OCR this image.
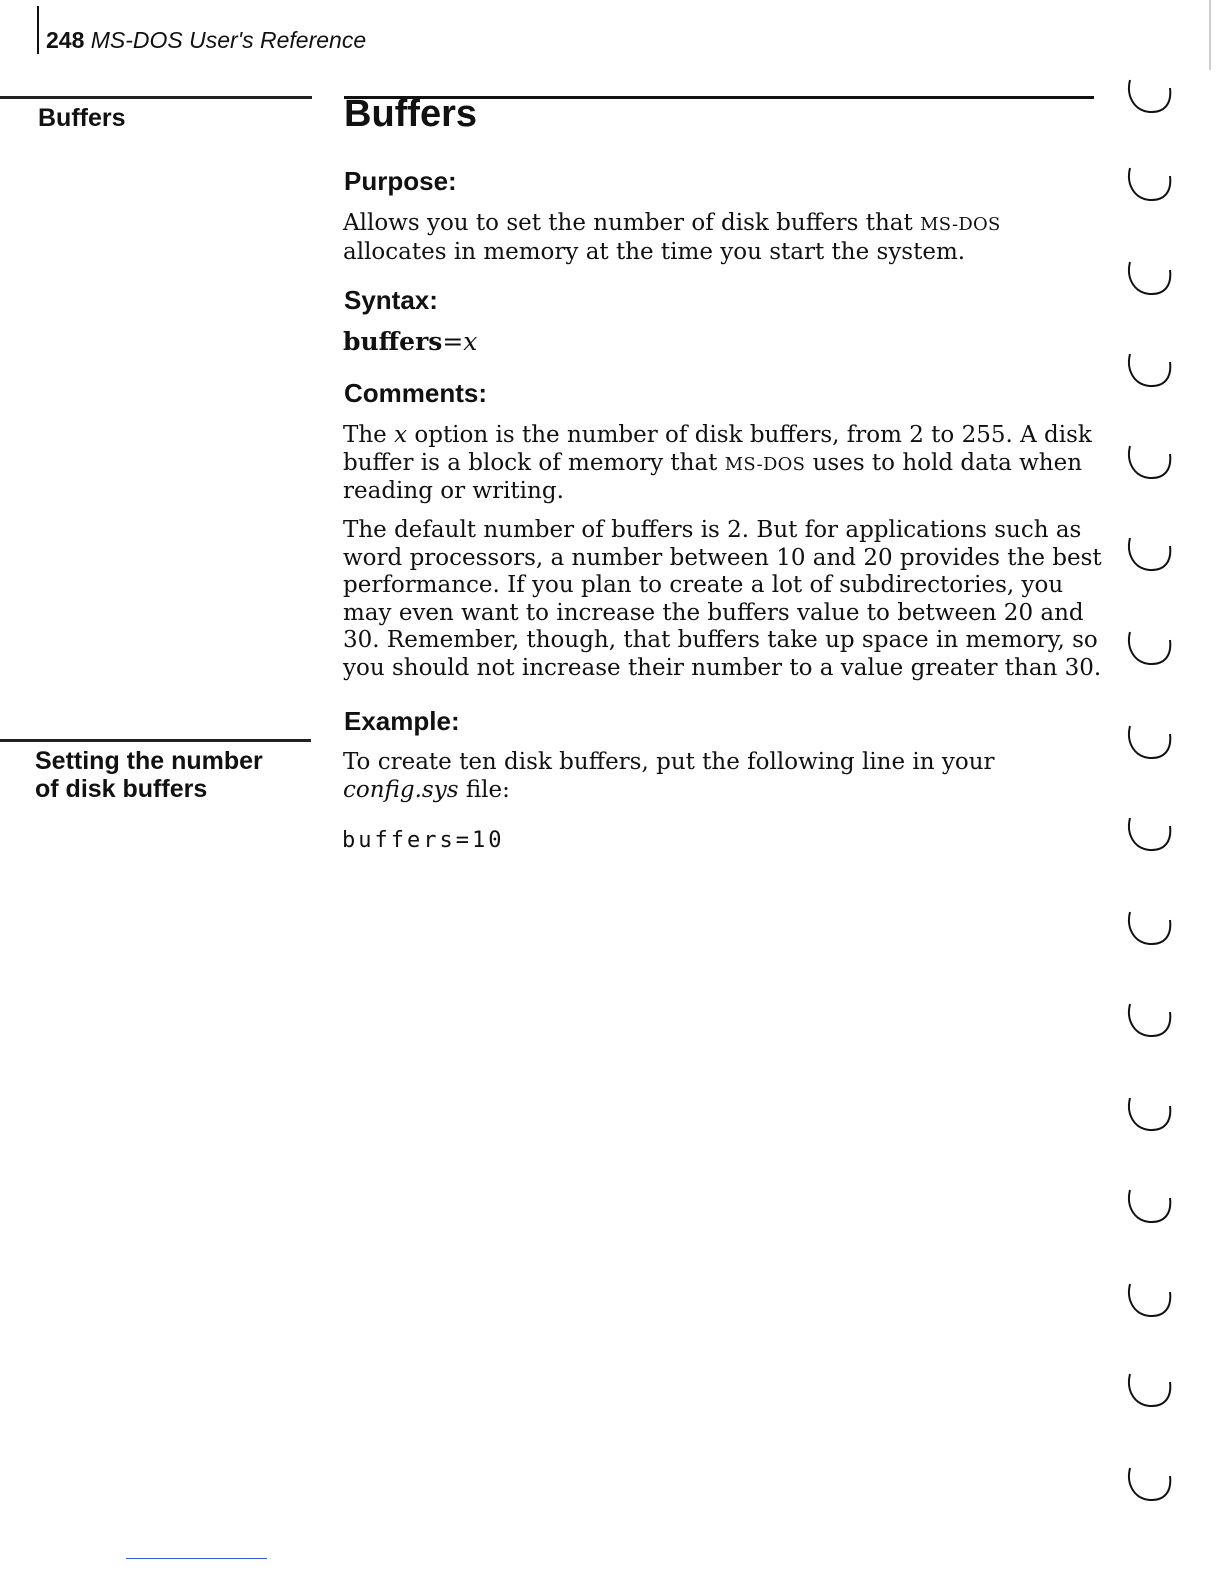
248 MS-DOS User's Reference
Buffers
Setting the number
of disk buffers
Buffers
Purpose:
Allows you to set the number of disk buffers that MS-DOS allocates in memory at the time you start the system.
Syntax:
buffers=x
Comments:
The x option is the number of disk buffers, from 2 to 255. A disk buffer is a block of memory that MS-DOS uses to hold data when reading or writing.
The default number of buffers is 2. But for applications such as word processors, a number between 10 and 20 provides the best performance. If you plan to create a lot of subdirectories, you may even want to increase the buffers value to between 20 and 30. Remember, though, that buffers take up space in memory, so you should not increase their number to a value greater than 30.
Example:
To create ten disk buffers, put the following line in your config.sys file:
buffers=10
